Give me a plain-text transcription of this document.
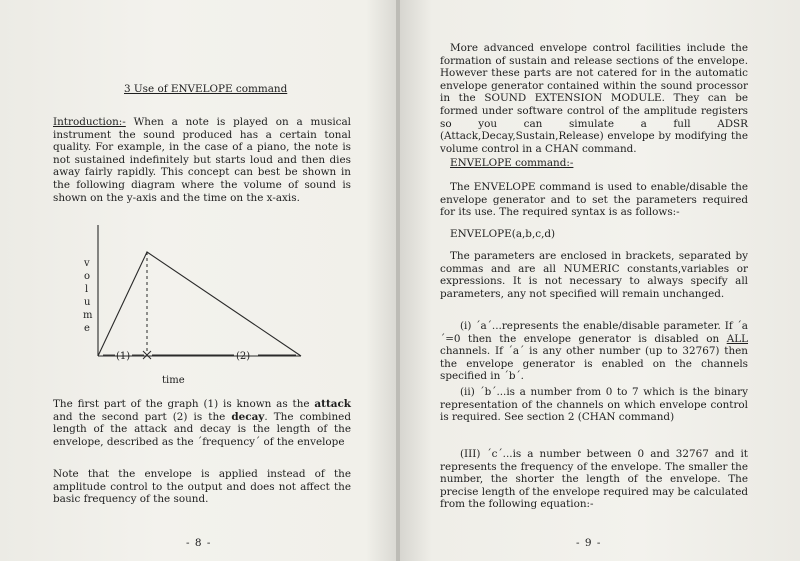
3 Use of ENVELOPE command

Introduction:- When a note is played on a musical instrument the sound produced has a certain tonal quality. For example, in the case of a piano, the note is not sustained indefinitely but starts loud and then dies away fairly rapidly. This concept can best be shown in the following diagram where the volume of sound is shown on the y-axis and the time on the x-axis.

(1)	(2)
time
v
o
l
u
m
e

The first part of the graph (1) is known as the attack and the second part (2) is the decay. The combined length of the attack and decay is the length of the envelope, described as the ´frequency´ of the envelope

Note that the envelope is applied instead of the amplitude control to the output and does not affect the basic frequency of the sound.

- 8 -

More advanced envelope control facilities include the formation of sustain and release sections of the envelope. However these parts are not catered for in the automatic envelope generator contained within the sound processor in the SOUND EXTENSION MODULE. They can be formed under software control of the amplitude registers so you can simulate a full ADSR (Attack,Decay,Sustain,Release) envelope by modifying the volume control in a CHAN command.

ENVELOPE command:-

The ENVELOPE command is used to enable/disable the envelope generator and to set the parameters required for its use. The required syntax is as follows:-

ENVELOPE(a,b,c,d)

The parameters are enclosed in brackets, separated by commas and are all NUMERIC constants,variables or expressions. It is not necessary to always specify all parameters, any not specified will remain unchanged.

(i) ´a´...represents the enable/disable parameter. If ´a´=0 then the envelope generator is disabled on ALL channels. If ´a´ is any other number (up to 32767) then the envelope generator is enabled on the channels specified in ´b´.

(ii) ´b´...is a number from 0 to 7 which is the binary representation of the channels on which envelope control is required. See section 2 (CHAN command)

(III) ´c´...is a number between 0 and 32767 and it represents the frequency of the envelope. The smaller the number, the shorter the length of the envelope. The precise length of the envelope required may be calculated from the following equation:-

- 9 -
